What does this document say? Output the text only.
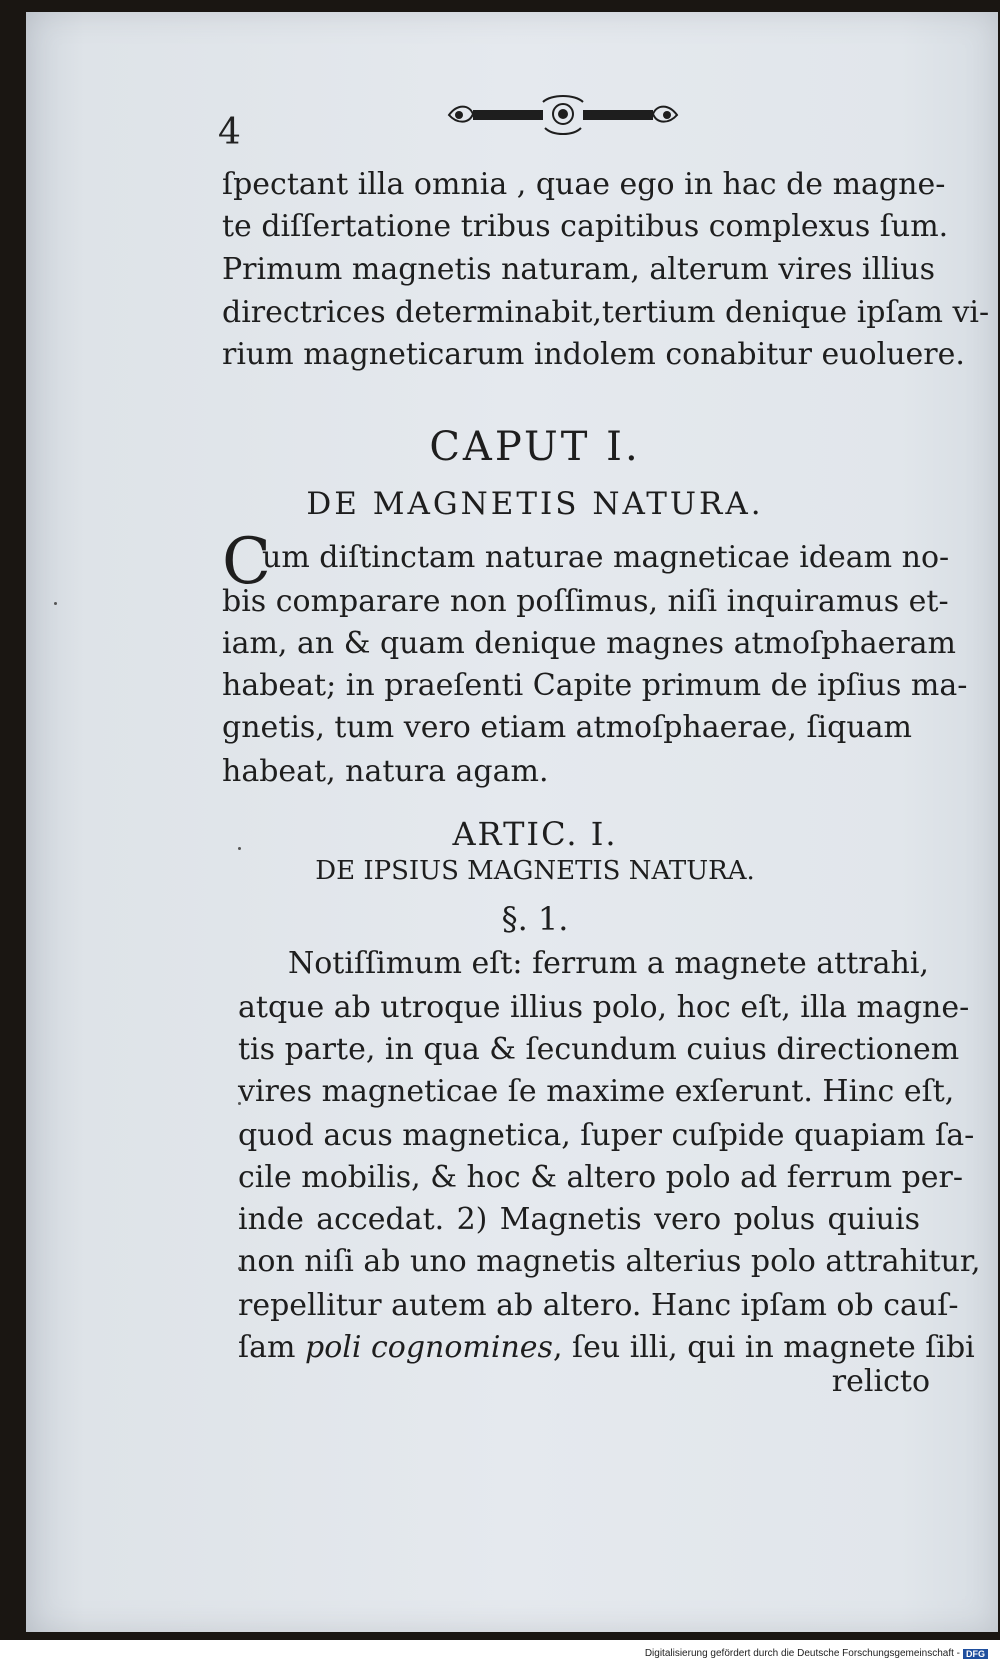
4
ſpectant illa omnia , quae ego in hac de magne-
te diſſertatione tribus capitibus complexus ſum.
Primum magnetis naturam, alterum vires illius
directrices determinabit,tertium denique ipſam vi-
rium magneticarum indolem conabitur euoluere.
CAPUT I.
DE MAGNETIS NATURA.
C
um diſtinctam naturae magneticae ideam no-
bis comparare non poſſimus, niſi inquiramus et-
iam, an & quam denique magnes atmoſphaeram
habeat; in praeſenti Capite primum de ipſius ma-
gnetis, tum vero etiam atmoſphaerae, ſiquam
habeat, natura agam.
ARTIC. I.
DE IPSIUS MAGNETIS NATURA.
§. 1.
Notiſſimum eſt: ferrum a magnete attrahi,
atque ab utroque illius polo, hoc eſt, illa magne-
tis parte, in qua & ſecundum cuius directionem
vires magneticae ſe maxime exſerunt. Hinc eſt,
quod acus magnetica, ſuper cuſpide quapiam ſa-
cile mobilis, & hoc & altero polo ad ferrum per-
inde accedat. 2) Magnetis vero polus quiuis
non niſi ab uno magnetis alterius polo attrahitur,
repellitur autem ab altero. Hanc ipſam ob cauſ-
ſam poli cognomines, ſeu illi, qui in magnete ſibi
relicto
Digitalisierung gefördert durch die Deutsche Forschungsgemeinschaft - DFG
